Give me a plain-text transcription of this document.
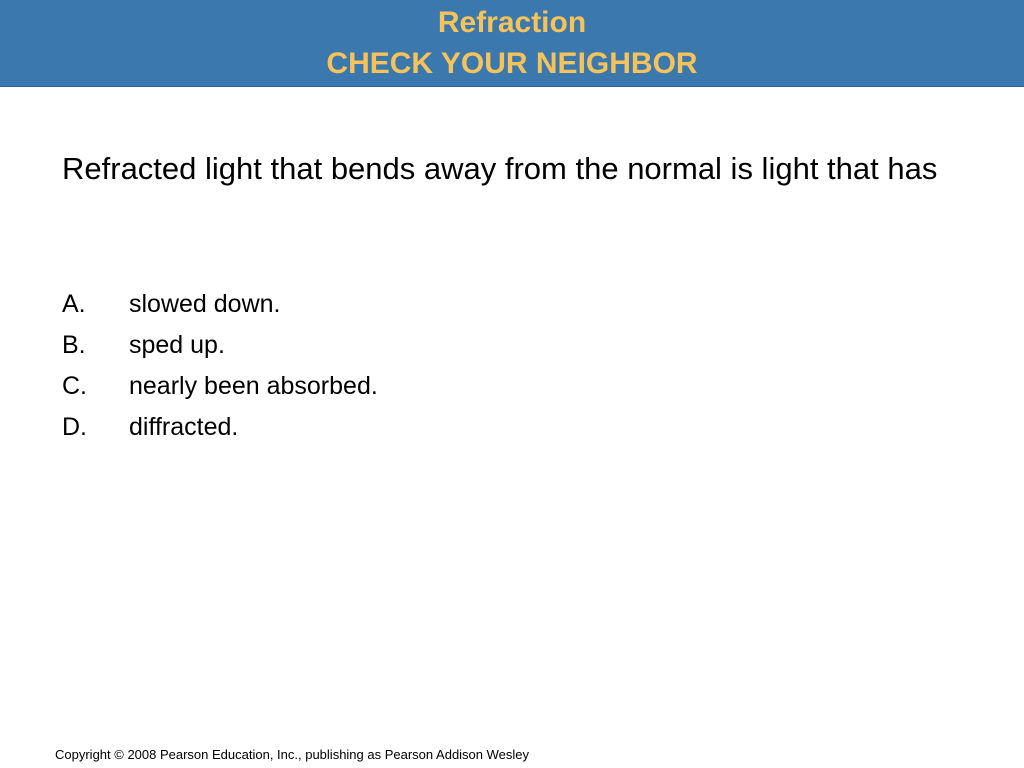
Refraction
CHECK YOUR NEIGHBOR
Refracted light that bends away from the normal is light that has
A. slowed down.
B. sped up.
C. nearly been absorbed.
D. diffracted.
Copyright © 2008 Pearson Education, Inc., publishing as Pearson Addison Wesley
